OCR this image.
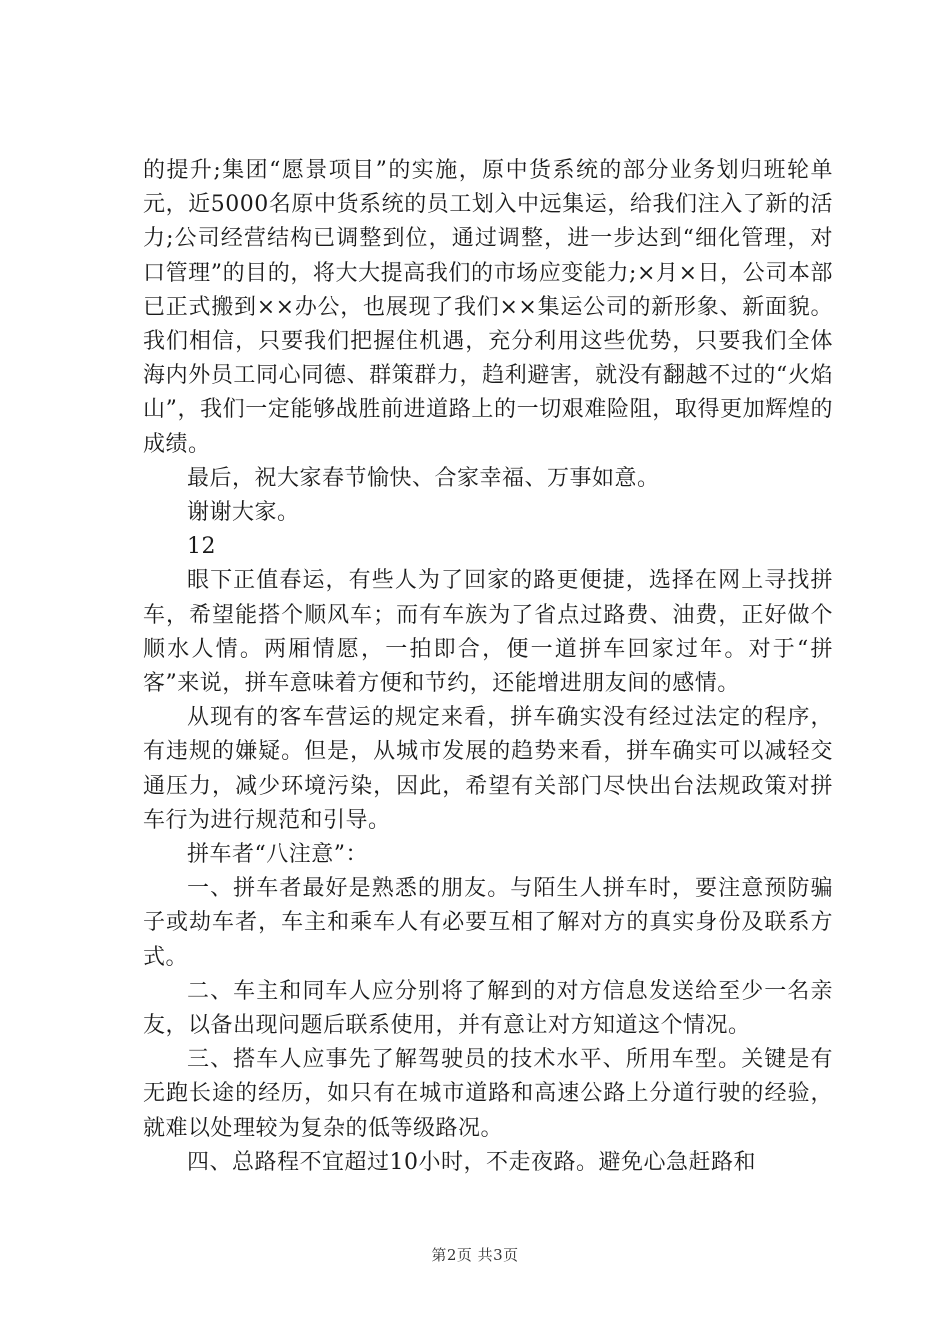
的提升;集团“愿景项目”的实施，原中货系统的部分业务划归班轮单元，近5000名原中货系统的员工划入中远集运，给我们注入了新的活力;公司经营结构已调整到位，通过调整，进一步达到“细化管理，对口管理”的目的，将大大提高我们的市场应变能力;×月×日，公司本部已正式搬到××办公，也展现了我们××集运公司的新形象、新面貌。我们相信，只要我们把握住机遇，充分利用这些优势，只要我们全体海内外员工同心同德、群策群力，趋利避害，就没有翻越不过的“火焰山”，我们一定能够战胜前进道路上的一切艰难险阻，取得更加辉煌的成绩。

最后，祝大家春节愉快、合家幸福、万事如意。

谢谢大家。

12

眼下正值春运，有些人为了回家的路更便捷，选择在网上寻找拼车，希望能搭个顺风车；而有车族为了省点过路费、油费，正好做个顺水人情。两厢情愿，一拍即合，便一道拼车回家过年。对于“拼客”来说，拼车意味着方便和节约，还能增进朋友间的感情。

从现有的客车营运的规定来看，拼车确实没有经过法定的程序，有违规的嫌疑。但是，从城市发展的趋势来看，拼车确实可以减轻交通压力，减少环境污染，因此，希望有关部门尽快出台法规政策对拼车行为进行规范和引导。

拼车者“八注意”：

一、拼车者最好是熟悉的朋友。与陌生人拼车时，要注意预防骗子或劫车者，车主和乘车人有必要互相了解对方的真实身份及联系方式。

二、车主和同车人应分别将了解到的对方信息发送给至少一名亲友，以备出现问题后联系使用，并有意让对方知道这个情况。

三、搭车人应事先了解驾驶员的技术水平、所用车型。关键是有无跑长途的经历，如只有在城市道路和高速公路上分道行驶的经验，就难以处理较为复杂的低等级路况。

四、总路程不宜超过10小时，不走夜路。避免心急赶路和

第2页 共3页
